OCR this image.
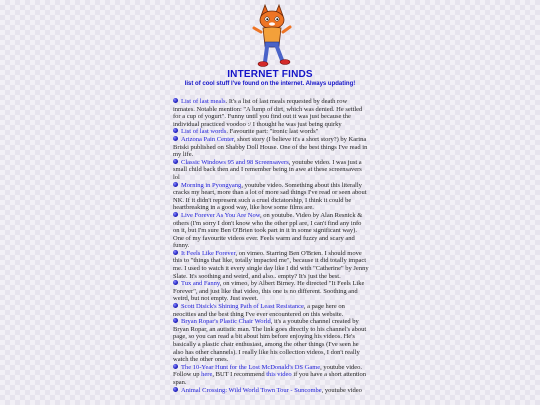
INTERNET FINDS
list of cool stuff I've found on the internet. Always updating!

List of last meals. It's a list of last meals requested by death row inmates. Notable mention: "A lump of dirt, which was denied. He settled for a cup of yogurt". Funny until you find out it was just because the individual practiced voodoo :/ I thought he was just being quirky

List of last words. Favourite part: "ironic last words"

Arizona Pain Center, short story (I believe it's a short story?) by Karina Briski published on Shabby Doll House. One of the best things I've read in my life.

Classic Windows 95 and 98 Screensavers, youtube video. I was just a small child back then and I remember being in awe at these screensavers lol

Morning in Pyongyang, youtube video. Something about this literally cracks my heart, more than a lot of more sad things I've read or seen about NK. If it didn't represent such a cruel dictatorship, I think it could be heartbreaking in a good way, like how some films are.

Live Forever As You Are Now, on youtube. Video by Alan Resnick & others (I'm sorry I don't know who the other ppl are, I can't find any info on it, but I'm sure Ben O'Brien took part in it in some significant way). One of my favourite videos ever. Feels warm and fuzzy and scary and funny.

It Feels Like Forever, on vimeo. Starring Ben O'Brien. I should move this to "things that like, totally impacted me", because it did totally impact me. I used to watch it every single day like I did with "Catherine" by Jenny Slate. It's soothing and weird, and also.. empty? It's just the best.

Tux and Fanny, on vimeo, by Albert Birney. He directed "It Feels Like Forever", and just like that video, this one is no different. Soothing and weird, but not empty. Just sweet.

Scott Disick's Shining Path of Least Resistance, a page here on neocities and the best thing I've ever encountered on this website.

Bryan Ropar's Plastic Chair World, it's a youtube channel created by Bryan Ropar, an autistic man. The link goes directly to his channel's about page, so you can read a bit about him before enjoying his videos. He's basically a plastic chair enthusiast, among the other things (I've seen he also has other channels). I really like his collection videos, I don't really watch the other ones.

The 10-Year Hunt for the Lost McDonald's DS Game, youtube video. Follow up here, BUT I recommend this video if you have a short attention span.

Animal Crossing: Wild World Town Tour - Suncombe, youtube video
